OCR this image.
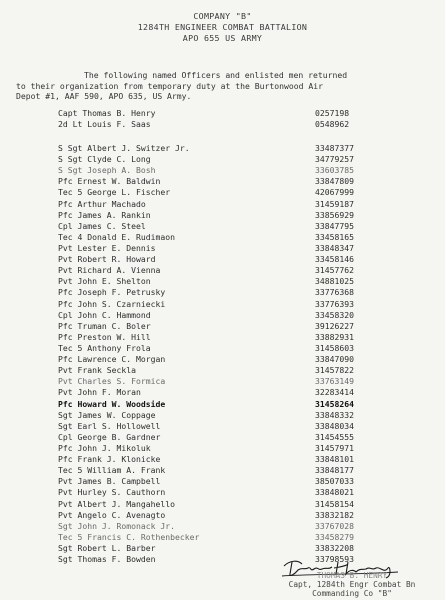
COMPANY "B"
1284TH ENGINEER COMBAT BATTALION
APO 655 US ARMY
The following named Officers and enlisted men returned
to their organization from temporary duty at the Burtonwood Air
Depot #1, AAF 590, APO 635, US Army.
Capt Thomas B. Henry	0257198
2d Lt Louis F. Saas	0548962
S Sgt Albert J. Switzer Jr.	33487377
S Sgt Clyde C. Long	34779257
S Sgt Joseph A. Bosh	33603785
Pfc Ernest W. Baldwin	33847809
Tec 5 George L. Fischer	42067999
Pfc Arthur Machado	31459187
Pfc James A. Rankin	33856929
Cpl James C. Steel	33847795
Tec 4 Donald E. Rudimaon	33458165
Pvt Lester E. Dennis	33848347
Pvt Robert R. Howard	33458146
Pvt Richard A. Vienna	31457762
Pvt John E. Shelton	34881025
Pfc Joseph F. Petrusky	33776368
Pfc John S. Czarniecki	33776393
Cpl John C. Hammond	33458320
Pfc Truman C. Boler	39126227
Pfc Preston W. Hill	33882931
Tec 5 Anthony Frola	31458603
Pfc Lawrence C. Morgan	33847090
Pvt Frank Seckla	31457822
Pvt Charles S. Formica	33763149
Pvt John F. Moran	32283414
Pfc Howard W. Woodside	31458264
Sgt James W. Coppage	33848332
Sgt Earl S. Hollowell	33848034
Cpl George B. Gardner	31454555
Pfc John J. Mikoluk	31457971
Pfc Frank J. Klonicke	33848101
Tec 5 William A. Frank	33848177
Pvt James B. Campbell	38507033
Pvt Hurley S. Cauthorn	33848021
Pvt Albert J. Mangahello	31458154
Pvt Angelo C. Avenagto	33832182
Sgt John J. Romonack Jr.	33767028
Tec 5 Francis C. Rothenbecker	33458279
Sgt Robert L. Barber	33832208
Sgt Thomas F. Bowden	33798593
THOMAS B. HENRY
Capt, 1284th Engr Combat Bn
Commanding Co "B"
